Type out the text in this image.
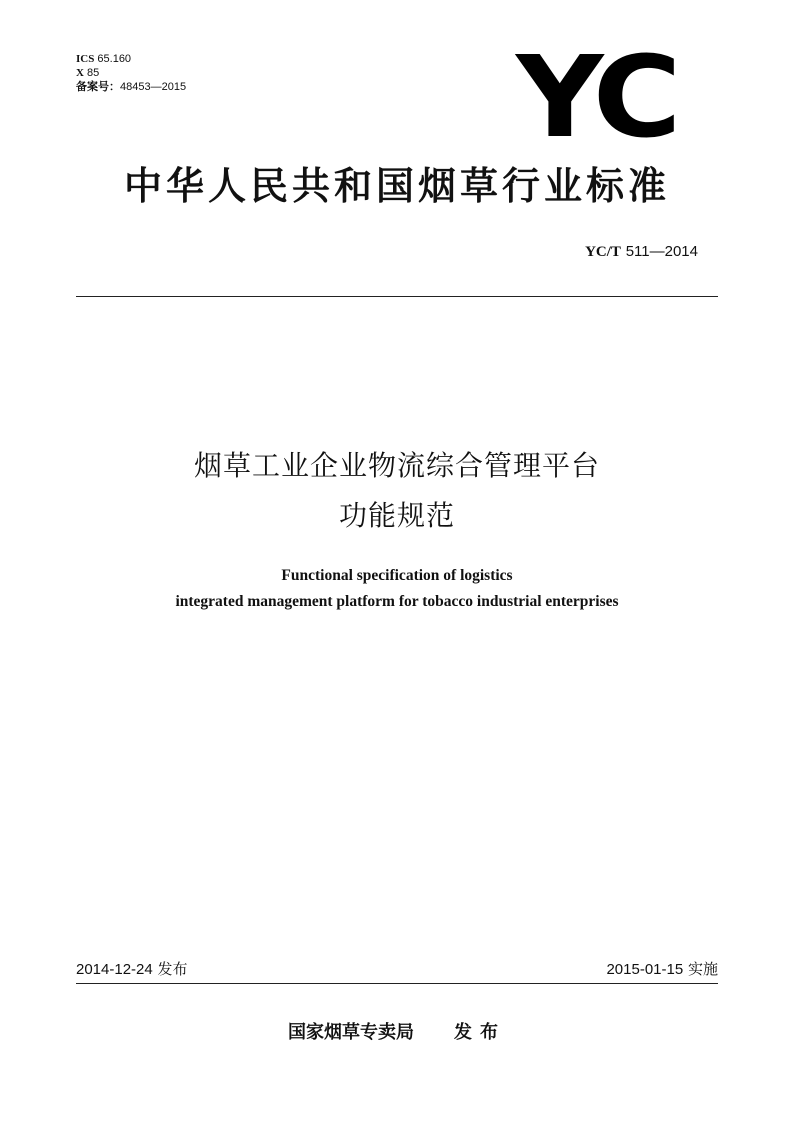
ICS 65.160
X 85
备案号：48453—2015	YC
中华人民共和国烟草行业标准
YC/T 511—2014
烟草工业企业物流综合管理平台
功能规范
Functional specification of logistics
integrated management platform for tobacco industrial enterprises
2014-12-24 发布	2015-01-15 实施
国家烟草专卖局 发布
